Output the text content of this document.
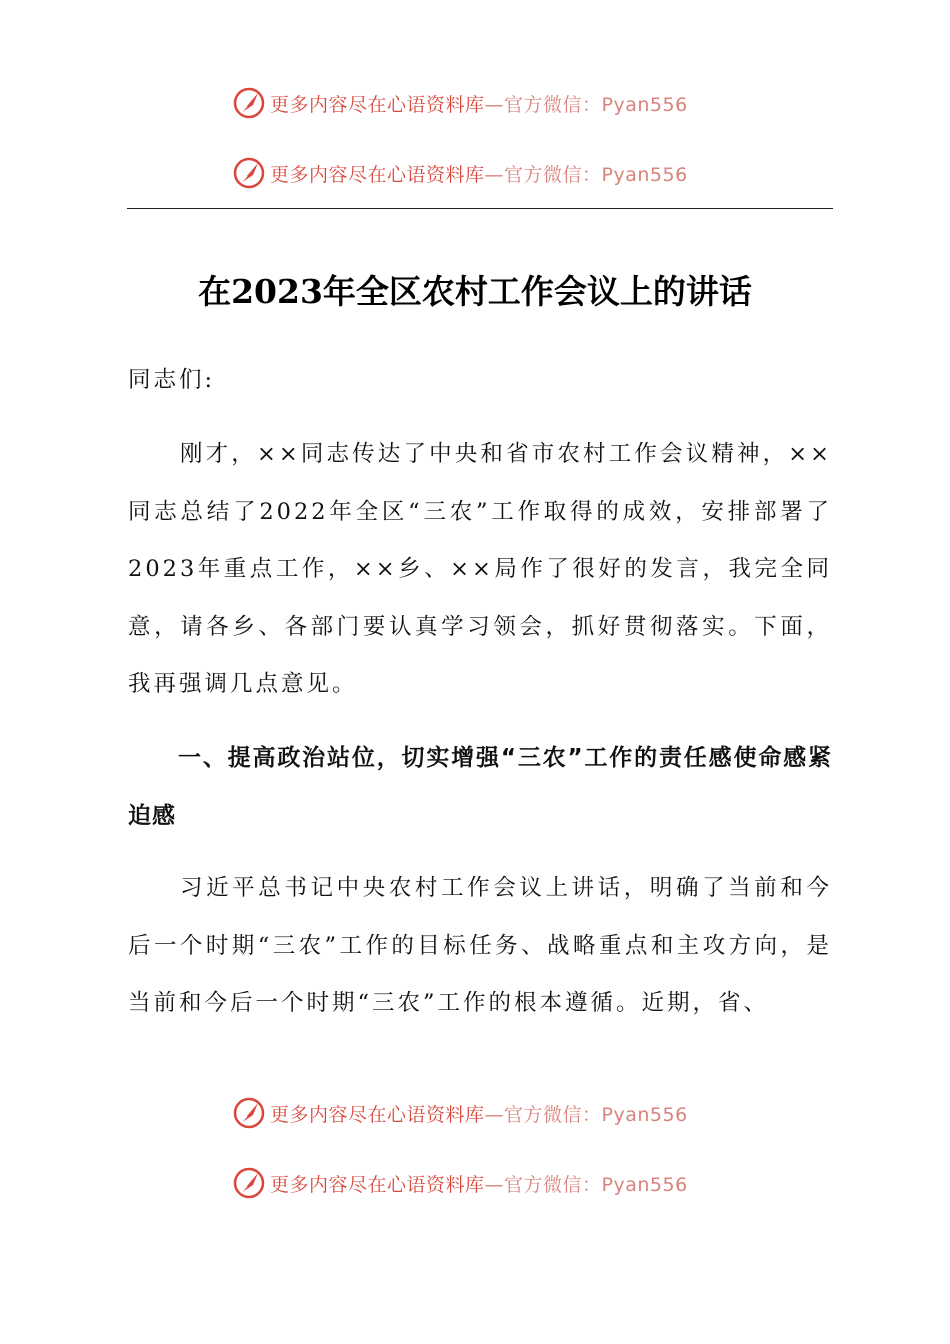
更多内容尽在心语资料库 —官方微信：Pyan556
更多内容尽在心语资料库 —官方微信：Pyan556
在2023年全区农村工作会议上的讲话

同志们:

刚才，××同志传达了中央和省市农村工作会议精神，××同志总结了2022年全区“三农”工作取得的成效，安排部署了2023年重点工作，××乡、××局作了很好的发言，我完全同意，请各乡、各部门要认真学习领会，抓好贯彻落实。下面，我再强调几点意见。

一、提高政治站位，切实增强“三农”工作的责任感使命感紧迫感

习近平总书记中央农村工作会议上讲话，明确了当前和今后一个时期“三农”工作的目标任务、战略重点和主攻方向，是当前和今后一个时期“三农”工作的根本遵循。近期，省、

更多内容尽在心语资料库 —官方微信：Pyan556
更多内容尽在心语资料库 —官方微信：Pyan556
